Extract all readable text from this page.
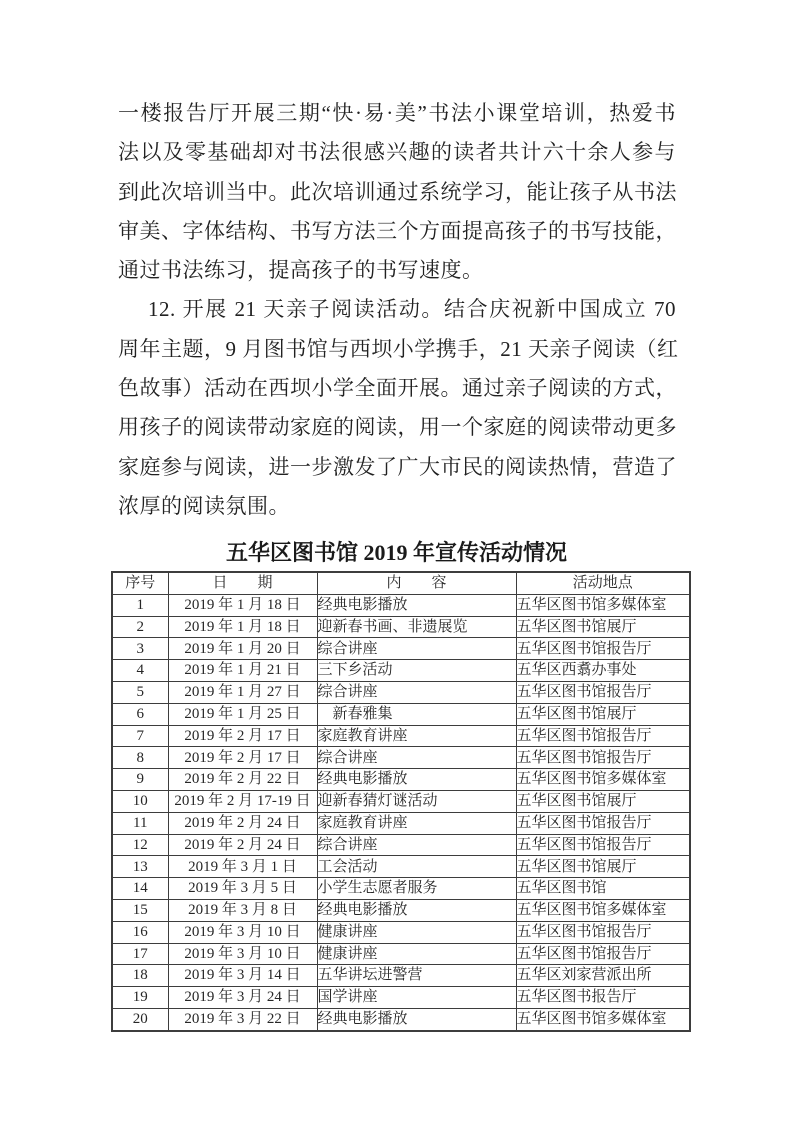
一楼报告厅开展三期“快·易·美”书法小课堂培训，热爱书
法以及零基础却对书法很感兴趣的读者共计六十余人参与
到此次培训当中。此次培训通过系统学习，能让孩子从书法
审美、字体结构、书写方法三个方面提高孩子的书写技能，
通过书法练习，提高孩子的书写速度。
12. 开展 21 天亲子阅读活动。结合庆祝新中国成立 70
周年主题，9 月图书馆与西坝小学携手，21 天亲子阅读（红
色故事）活动在西坝小学全面开展。通过亲子阅读的方式，
用孩子的阅读带动家庭的阅读，用一个家庭的阅读带动更多
家庭参与阅读，进一步激发了广大市民的阅读热情，营造了
浓厚的阅读氛围。
五华区图书馆 2019 年宣传活动情况
序号	日　　期	内　　容	活动地点
1	2019 年 1 月 18 日	经典电影播放	五华区图书馆多媒体室
2	2019 年 1 月 18 日	迎新春书画、非遗展览	五华区图书馆展厅
3	2019 年 1 月 20 日	综合讲座	五华区图书馆报告厅
4	2019 年 1 月 21 日	三下乡活动	五华区西翥办事处
5	2019 年 1 月 27 日	综合讲座	五华区图书馆报告厅
6	2019 年 1 月 25 日	　新春雅集	五华区图书馆展厅
7	2019 年 2 月 17 日	家庭教育讲座	五华区图书馆报告厅
8	2019 年 2 月 17 日	综合讲座	五华区图书馆报告厅
9	2019 年 2 月 22 日	经典电影播放	五华区图书馆多媒体室
10	2019 年 2 月 17-19 日	迎新春猜灯谜活动	五华区图书馆展厅
11	2019 年 2 月 24 日	家庭教育讲座	五华区图书馆报告厅
12	2019 年 2 月 24 日	综合讲座	五华区图书馆报告厅
13	2019 年 3 月 1 日	工会活动	五华区图书馆展厅
14	2019 年 3 月 5 日	小学生志愿者服务	五华区图书馆
15	2019 年 3 月 8 日	经典电影播放	五华区图书馆多媒体室
16	2019 年 3 月 10 日	健康讲座	五华区图书馆报告厅
17	2019 年 3 月 10 日	健康讲座	五华区图书馆报告厅
18	2019 年 3 月 14 日	五华讲坛进警营	五华区刘家营派出所
19	2019 年 3 月 24 日	国学讲座	五华区图书报告厅
20	2019 年 3 月 22 日	经典电影播放	五华区图书馆多媒体室
